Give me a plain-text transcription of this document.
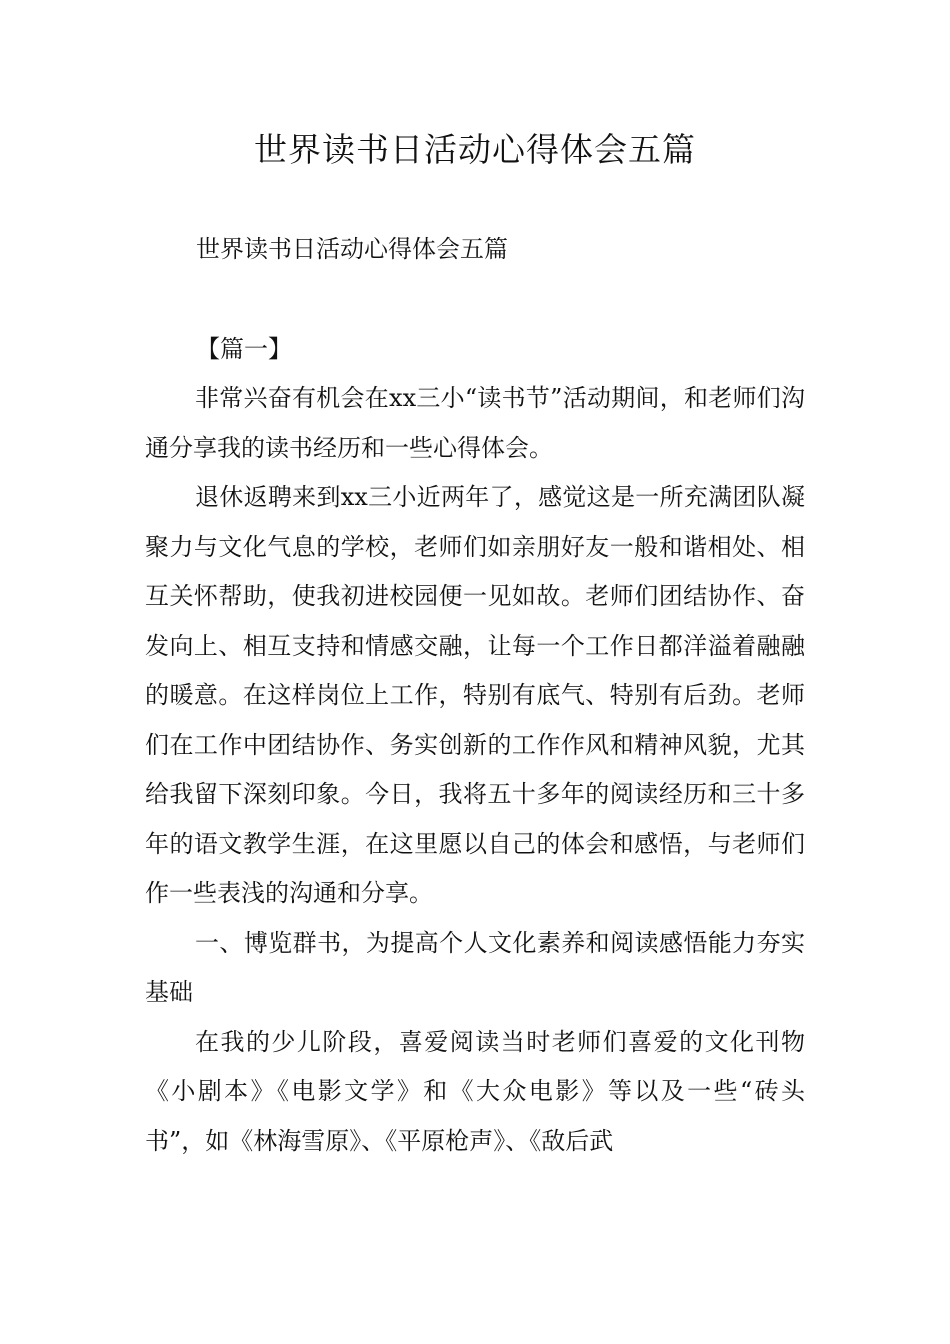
世界读书日活动心得体会五篇
世界读书日活动心得体会五篇
【篇一】

非常兴奋有机会在xx三小“读书节”活动期间，和老师们沟通分享我的读书经历和一些心得体会。

退休返聘来到xx三小近两年了，感觉这是一所充满团队凝聚力与文化气息的学校，老师们如亲朋好友一般和谐相处、相互关怀帮助，使我初进校园便一见如故。老师们团结协作、奋发向上、相互支持和情感交融，让每一个工作日都洋溢着融融的暖意。在这样岗位上工作，特别有底气、特别有后劲。老师们在工作中团结协作、务实创新的工作作风和精神风貌，尤其给我留下深刻印象。今日，我将五十多年的阅读经历和三十多年的语文教学生涯，在这里愿以自己的体会和感悟，与老师们作一些表浅的沟通和分享。

一、博览群书，为提高个人文化素养和阅读感悟能力夯实基础

在我的少儿阶段，喜爱阅读当时老师们喜爱的文化刊物《小剧本》《电影文学》和《大众电影》等以及一些“砖头书”，如《林海雪原》、《平原枪声》、《敌后武
